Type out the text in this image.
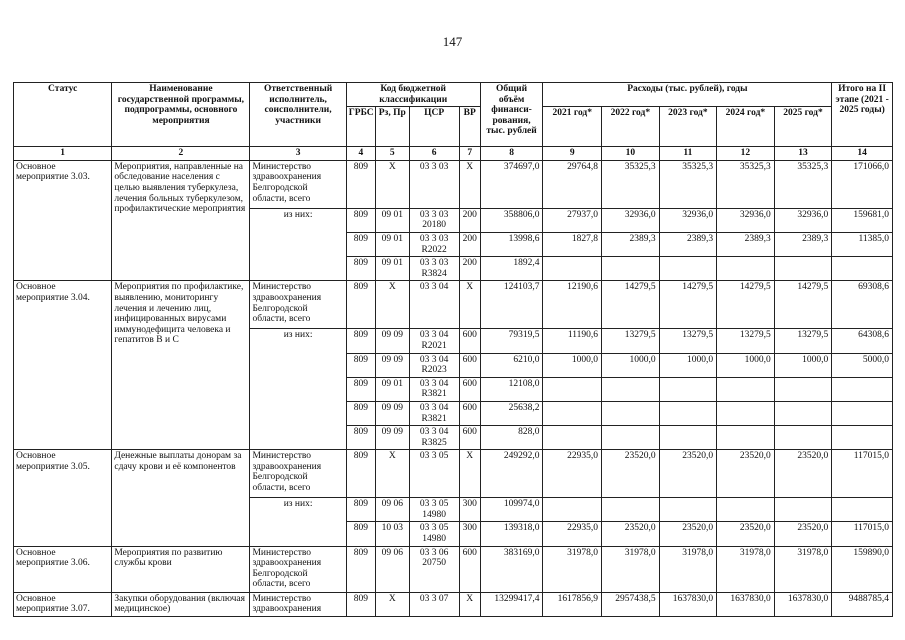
147
Статус	Наименование государственной программы, подпрограммы, основного мероприятия	Ответственный исполнитель, соисполнители, участники	Код бюджетной классификации				Общий объём финанси-рования, тыс. рублей	Расходы (тыс. рублей), годы					Итого на II этапе (2021 - 2025 годы)
			ГРБС	Рз, Пр	ЦСР	ВР		2021 год*	2022 год*	2023 год*	2024 год*	2025 год*	
1	2	3	4	5	6	7	8	9	10	11	12	13	14
Основное мероприятие 3.03.	Мероприятия, направленные на обследование населения с целью выявления туберкулеза, лечения больных туберкулезом, профилактические мероприятия	Министерство здравоохранения Белгородской области, всего	809	X	03 3 03	X	374697,0	29764,8	35325,3	35325,3	35325,3	35325,3	171066,0
		из них:	809	09 01	03 3 03 20180	200	358806,0	27937,0	32936,0	32936,0	32936,0	32936,0	159681,0
			809	09 01	03 3 03 R2022	200	13998,6	1827,8	2389,3	2389,3	2389,3	2389,3	11385,0
			809	09 01	03 3 03 R3824	200	1892,4						
Основное мероприятие 3.04.	Мероприятия по профилактике, выявлению, мониторингу лечения и лечению лиц, инфицированных вирусами иммунодефицита человека и гепатитов В и С	Министерство здравоохранения Белгородской области, всего	809	X	03 3 04	X	124103,7	12190,6	14279,5	14279,5	14279,5	14279,5	69308,6
		из них:	809	09 09	03 3 04 R2021	600	79319,5	11190,6	13279,5	13279,5	13279,5	13279,5	64308,6
			809	09 09	03 3 04 R2023	600	6210,0	1000,0	1000,0	1000,0	1000,0	1000,0	5000,0
			809	09 01	03 3 04 R3821	600	12108,0						
			809	09 09	03 3 04 R3821	600	25638,2						
			809	09 09	03 3 04 R3825	600	828,0						
Основное мероприятие 3.05.	Денежные выплаты донорам за сдачу крови и её компонентов	Министерство здравоохранения Белгородской области, всего	809	X	03 3 05	X	249292,0	22935,0	23520,0	23520,0	23520,0	23520,0	117015,0
		из них:	809	09 06	03 3 05 14980	300	109974,0						
			809	10 03	03 3 05 14980	300	139318,0	22935,0	23520,0	23520,0	23520,0	23520,0	117015,0
Основное мероприятие 3.06.	Мероприятия по развитию службы крови	Министерство здравоохранения Белгородской области, всего	809	09 06	03 3 06 20750	600	383169,0	31978,0	31978,0	31978,0	31978,0	31978,0	159890,0
Основное мероприятие 3.07.	Закупки оборудования (включая медицинское)	Министерство здравоохранения	809	X	03 3 07	X	13299417,4	1617856,9	2957438,5	1637830,0	1637830,0	1637830,0	9488785,4
